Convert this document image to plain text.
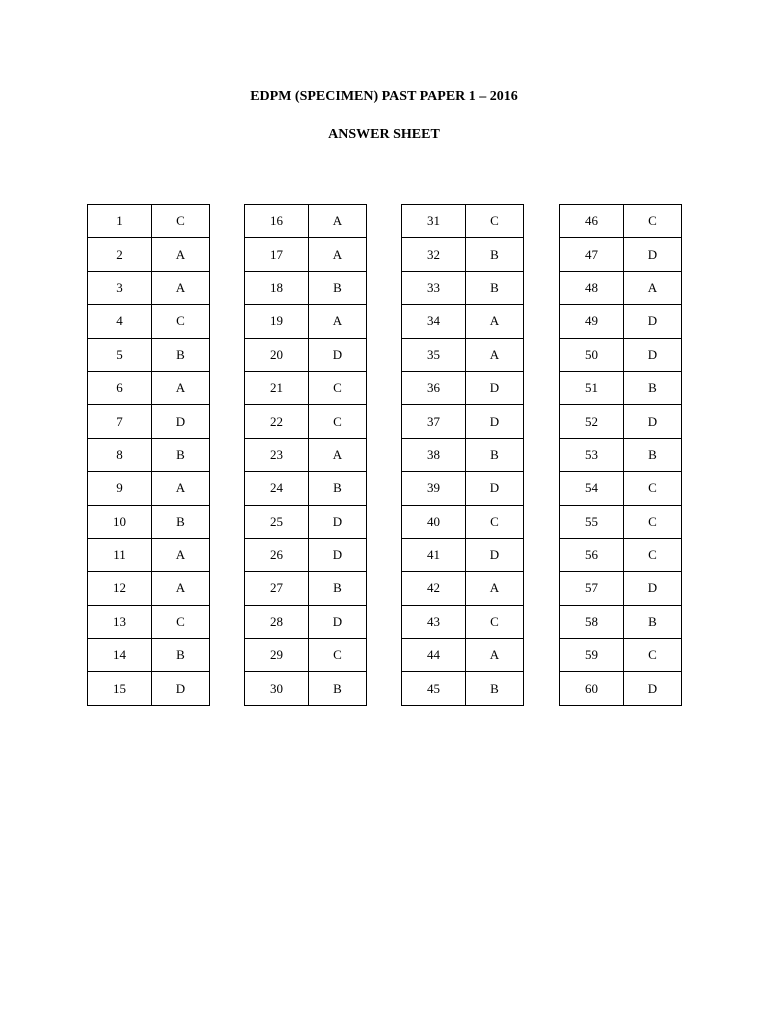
EDPM (SPECIMEN) PAST PAPER 1 – 2016
ANSWER SHEET
1	C
2	A
3	A
4	C
5	B
6	A
7	D
8	B
9	A
10	B
11	A
12	A
13	C
14	B
15	D
16	A
17	A
18	B
19	A
20	D
21	C
22	C
23	A
24	B
25	D
26	D
27	B
28	D
29	C
30	B
31	C
32	B
33	B
34	A
35	A
36	D
37	D
38	B
39	D
40	C
41	D
42	A
43	C
44	A
45	B
46	C
47	D
48	A
49	D
50	D
51	B
52	D
53	B
54	C
55	C
56	C
57	D
58	B
59	C
60	D
